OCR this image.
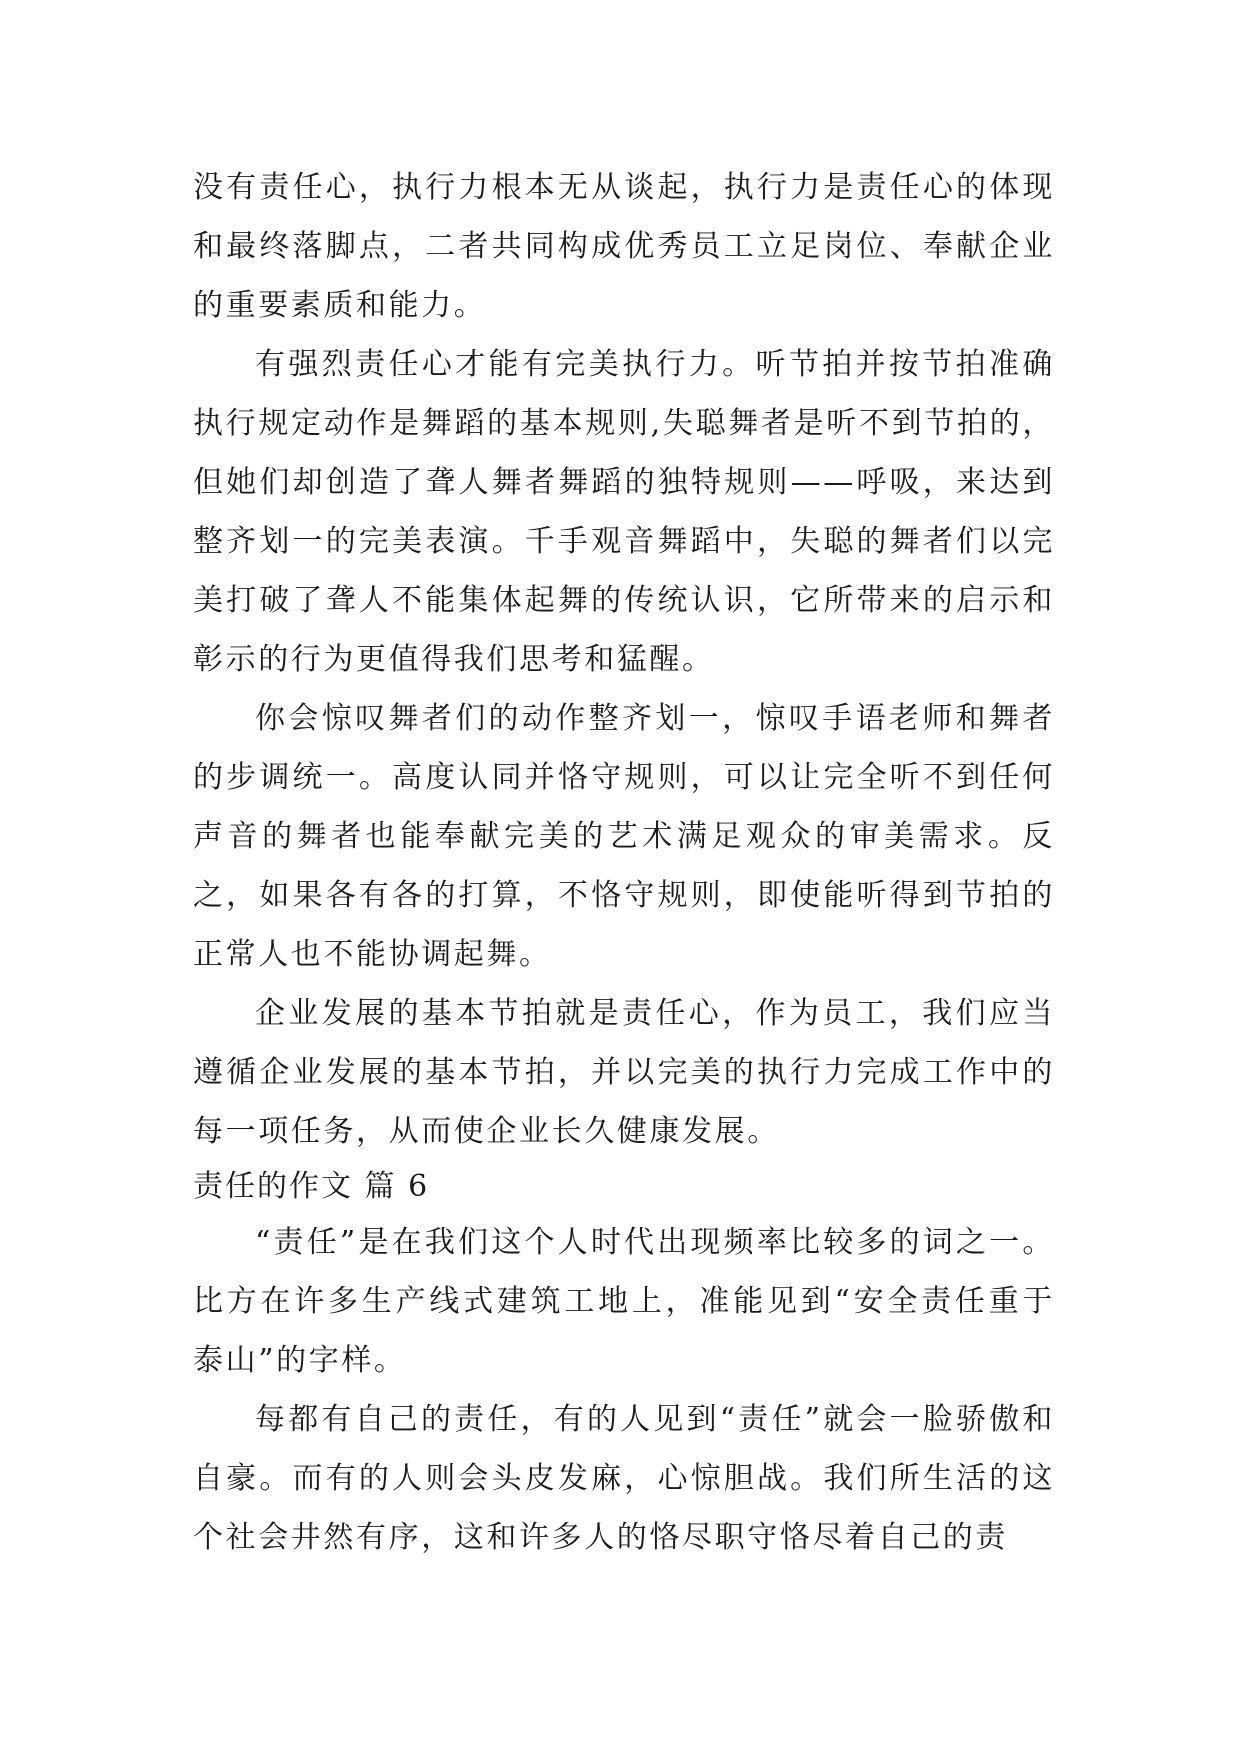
没有责任心，执行力根本无从谈起，执行力是责任心的体现和最终落脚点，二者共同构成优秀员工立足岗位、奉献企业的重要素质和能力。

有强烈责任心才能有完美执行力。听节拍并按节拍准确执行规定动作是舞蹈的基本规则,失聪舞者是听不到节拍的，但她们却创造了聋人舞者舞蹈的独特规则——呼吸，来达到整齐划一的完美表演。千手观音舞蹈中，失聪的舞者们以完美打破了聋人不能集体起舞的传统认识，它所带来的启示和彰示的行为更值得我们思考和猛醒。

你会惊叹舞者们的动作整齐划一，惊叹手语老师和舞者的步调统一。高度认同并恪守规则，可以让完全听不到任何声音的舞者也能奉献完美的艺术满足观众的审美需求。反之，如果各有各的打算，不恪守规则，即使能听得到节拍的正常人也不能协调起舞。

企业发展的基本节拍就是责任心，作为员工，我们应当遵循企业发展的基本节拍，并以完美的执行力完成工作中的每一项任务，从而使企业长久健康发展。

责任的作文 篇 6

“责任”是在我们这个人时代出现频率比较多的词之一。比方在许多生产线式建筑工地上，准能见到“安全责任重于泰山”的字样。

每都有自己的责任，有的人见到“责任”就会一脸骄傲和自豪。而有的人则会头皮发麻，心惊胆战。我们所生活的这个社会井然有序，这和许多人的恪尽职守恪尽着自己的责
